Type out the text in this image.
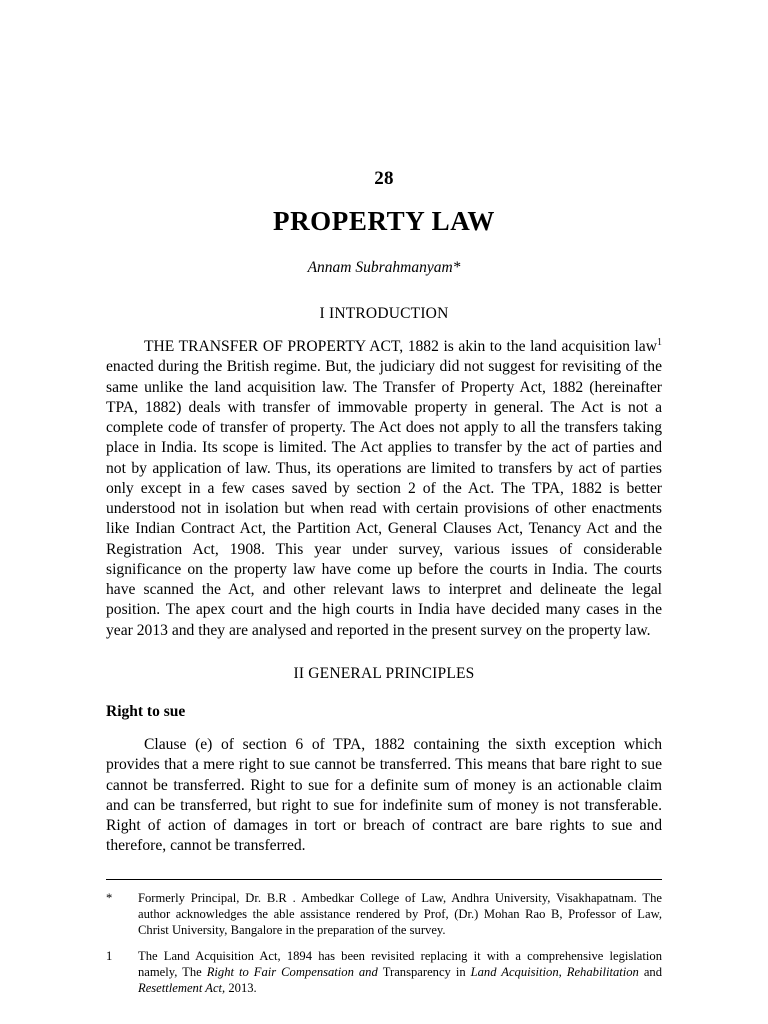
28
PROPERTY LAW
Annam Subrahmanyam*
I INTRODUCTION

THE TRANSFER OF PROPERTY ACT, 1882 is akin to the land acquisition law$^1$ enacted during the British regime. But, the judiciary did not suggest for revisiting of the same unlike the land acquisition law. The Transfer of Property Act, 1882 (hereinafter TPA, 1882) deals with transfer of immovable property in general. The Act is not a complete code of transfer of property. The Act does not apply to all the transfers taking place in India. Its scope is limited. The Act applies to transfer by the act of parties and not by application of law. Thus, its operations are limited to transfers by act of parties only except in a few cases saved by section 2 of the Act. The TPA, 1882 is better understood not in isolation but when read with certain provisions of other enactments like Indian Contract Act, the Partition Act, General Clauses Act, Tenancy Act and the Registration Act, 1908. This year under survey, various issues of considerable significance on the property law have come up before the courts in India. The courts have scanned the Act, and other relevant laws to interpret and delineate the legal position. The apex court and the high courts in India have decided many cases in the year 2013 and they are analysed and reported in the present survey on the property law.

II GENERAL PRINCIPLES
Right to sue

Clause (e) of section 6 of TPA, 1882 containing the sixth exception which provides that a mere right to sue cannot be transferred. This means that bare right to sue cannot be transferred. Right to sue for a definite sum of money is an actionable claim and can be transferred, but right to sue for indefinite sum of money is not transferable. Right of action of damages in tort or breach of contract are bare rights to sue and therefore, cannot be transferred.

*	Formerly Principal, Dr. B.R . Ambedkar College of Law, Andhra University, Visakhapatnam. The author acknowledges the able assistance rendered by Prof, (Dr.) Mohan Rao B, Professor of Law, Christ University, Bangalore in the preparation of the survey.
1	The Land Acquisition Act, 1894 has been revisited replacing it with a comprehensive legislation namely, The Right to Fair Compensation and Transparency in Land Acquisition, Rehabilitation and Resettlement Act, 2013.
